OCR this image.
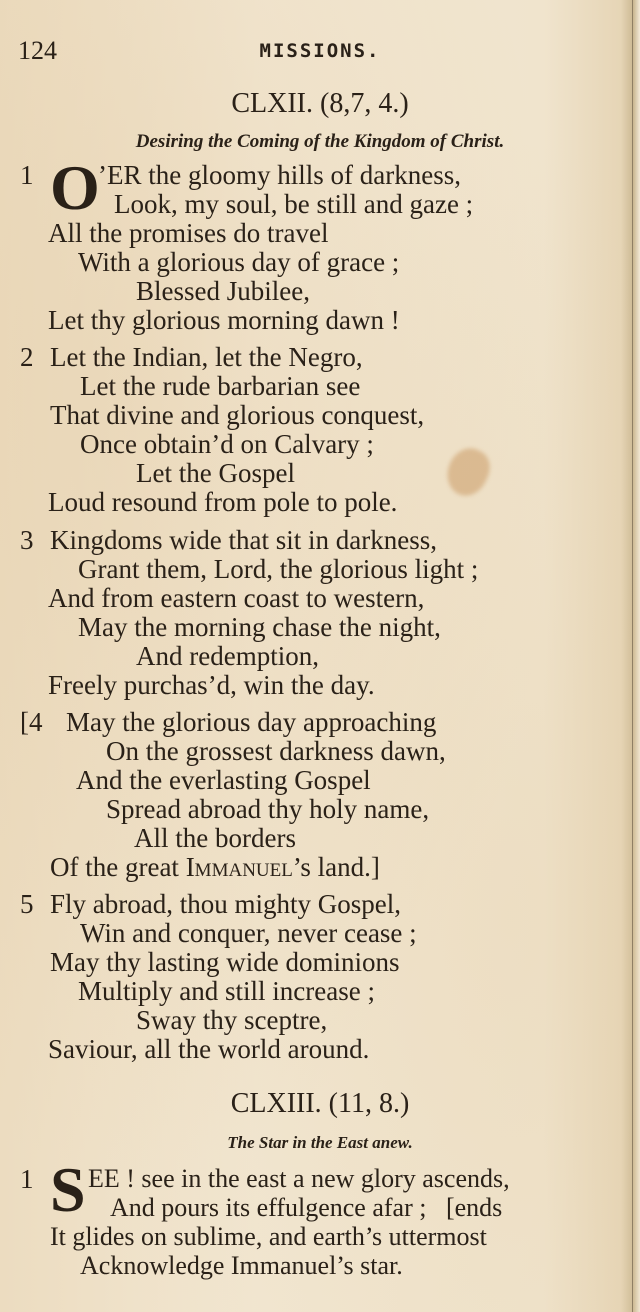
124	MISSIONS.
CLXII. (8,7, 4.)
Desiring the Coming of the Kingdom of Christ.
1 O
’ER the gloomy hills of darkness,
Look, my soul, be still and gaze ;
All the promises do travel
With a glorious day of grace ;
Blessed Jubilee,
Let thy glorious morning dawn !
2 Let the Indian, let the Negro,
Let the rude barbarian see
That divine and glorious conquest,
Once obtain’d on Calvary ;
Let the Gospel
Loud resound from pole to pole.
3 Kingdoms wide that sit in darkness,
Grant them, Lord, the glorious light ;
And from eastern coast to western,
May the morning chase the night,
And redemption,
Freely purchas’d, win the day.
[4 May the glorious day approaching
On the grossest darkness dawn,
And the everlasting Gospel
Spread abroad thy holy name,
All the borders
Of the great Immanuel’s land.]
5 Fly abroad, thou mighty Gospel,
Win and conquer, never cease ;
May thy lasting wide dominions
Multiply and still increase ;
Sway thy sceptre,
Saviour, all the world around.
CLXIII. (11, 8.)
The Star in the East anew.
1 S EE ! see in the east a new glory ascends,
And pours its effulgence afar ;   [ends
It glides on sublime, and earth’s uttermost
Acknowledge Immanuel’s star.
